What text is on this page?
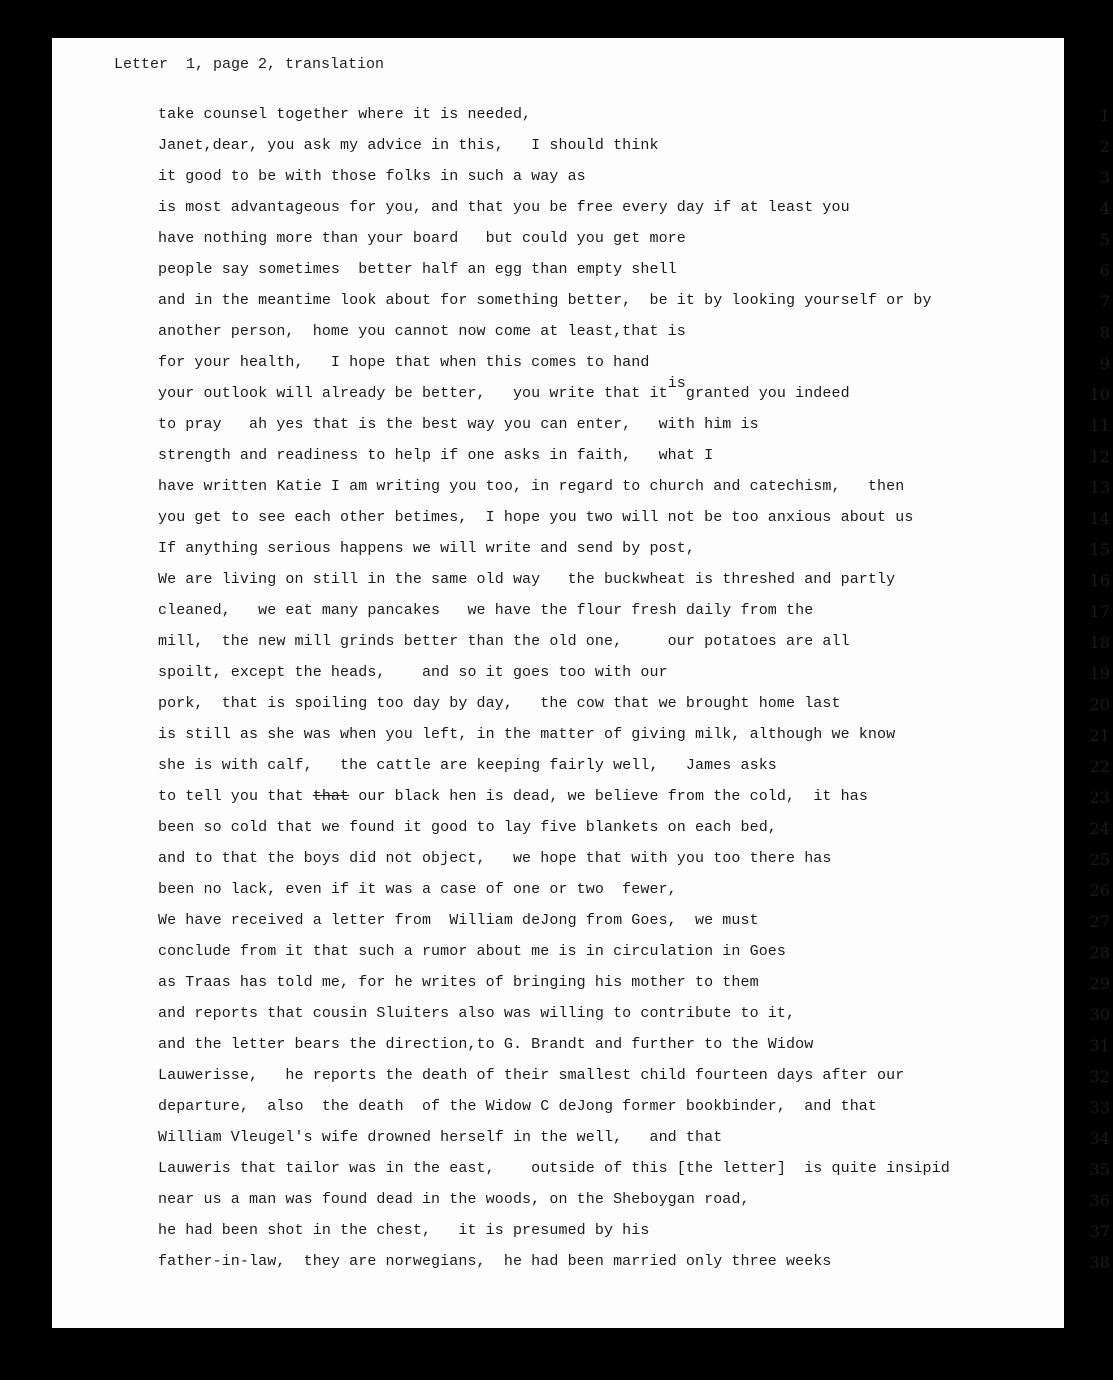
Letter  1, page 2, translation
take counsel together where it is needed,	1
Janet,dear, you ask my advice in this,   I should think	2
it good to be with those folks in such a way as	3
is most advantageous for you, and that you be free every day if at least you	4
have nothing more than your board   but could you get more	5
people say sometimes  better half an egg than empty shell	6
and in the meantime look about for something better,  be it by looking yourself or by	7
another person,  home you cannot now come at least,that is	8
for your health,   I hope that when this comes to hand	9
your outlook will already be better,   you write that itisgranted you indeed	10
to pray   ah yes that is the best way you can enter,   with him is	11
strength and readiness to help if one asks in faith,   what I	12
have written Katie I am writing you too, in regard to church and catechism,   then	13
you get to see each other betimes,  I hope you two will not be too anxious about us	14
If anything serious happens we will write and send by post,	15
We are living on still in the same old way   the buckwheat is threshed and partly	16
cleaned,   we eat many pancakes   we have the flour fresh daily from the	17
mill,  the new mill grinds better than the old one,     our potatoes are all	18
spoilt, except the heads,    and so it goes too with our	19
pork,  that is spoiling too day by day,   the cow that we brought home last	20
is still as she was when you left, in the matter of giving milk, although we know	21
she is with calf,   the cattle are keeping fairly well,   James asks	22
to tell you that that our black hen is dead, we believe from the cold,  it has	23
been so cold that we found it good to lay five blankets on each bed,	24
and to that the boys did not object,   we hope that with you too there has	25
been no lack, even if it was a case of one or two  fewer,	26
We have received a letter from  William deJong from Goes,  we must	27
conclude from it that such a rumor about me is in circulation in Goes	28
as Traas has told me, for he writes of bringing his mother to them	29
and reports that cousin Sluiters also was willing to contribute to it,	30
and the letter bears the direction,to G. Brandt and further to the Widow	31
Lauwerisse,   he reports the death of their smallest child fourteen days after our	32
departure,  also  the death  of the Widow C deJong former bookbinder,  and that	33
William Vleugel's wife drowned herself in the well,   and that	34
Lauweris that tailor was in the east,    outside of this [the letter]  is quite insipid	35
near us a man was found dead in the woods, on the Sheboygan road,	36
he had been shot in the chest,   it is presumed by his	37
father-in-law,  they are norwegians,  he had been married only three weeks	38
